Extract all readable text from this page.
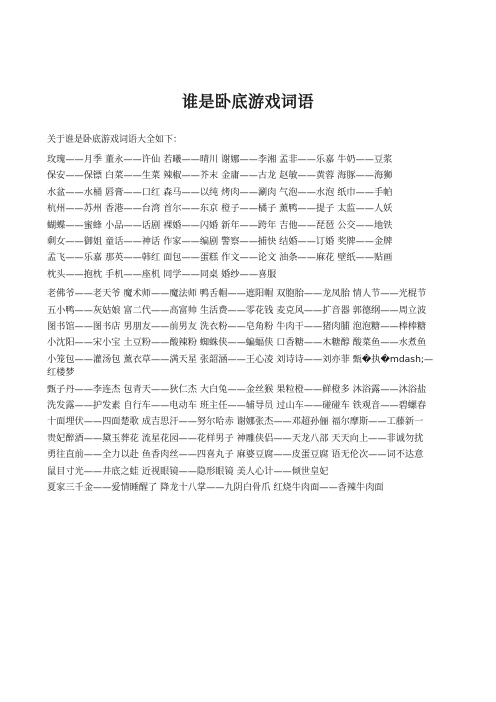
谁是卧底游戏词语

关于谁是卧底游戏词语大全如下：

玫瑰——月季 董永——许仙 若曦——晴川 谢娜——李湘 孟非——乐嘉 牛奶——豆浆

保安——保镖 白菜——生菜 辣椒——芥末 金庸——古龙 赵敏——黄蓉 海豚——海狮

水盆——水桶 唇膏——口红 森马——以纯 烤肉——涮肉 气泡——水泡 纸巾——手帕

杭州——苏州 香港——台湾 首尔——东京 橙子——橘子 薰鸭——提子 太监——人妖

蝴蝶——蜜蜂 小品——话剧 裸婚——闪婚 新年——跨年 吉他——琵琶 公交——地铁

剩女——御姐 童话——神话 作家——编剧 警察——捕快 结婚——订婚 奖牌——金牌

孟飞——乐嘉 那英——韩红 面包——蛋糕 作文——论文 油条——麻花 壁纸——贴画

枕头——抱枕 手机——座机 同学——同桌 婚纱——喜服

老佛爷——老天爷 魔术师——魔法师 鸭舌帽——遮阳帽 双胞胎——龙凤胎 情人节——光棍节

五小鸭——灰姑娘 富二代——高富帅 生活费——零花钱 麦克风——扩音器 郭德纲——周立波

图书馆——图书店 男朋友——前男友 洗衣粉——皂角粉 牛肉干——猪肉脯 泡泡糖——棒棒糖

小沈阳——宋小宝 土豆粉——酸辣粉 蜘蛛侠——蝙蝠侠 口香糖——木糖醇 酸菜鱼——水煮鱼

小笼包——灌汤包 薰衣草——满天星 张韶涵——王心凌 刘诗诗——刘亦菲 甄�执�mdash;—红楼梦

甄子丹——李连杰 包青天——狄仁杰 大白兔——金丝猴 果粒橙——鲜橙多 沐浴露——沐浴盐

洗发露——护发素 自行车——电动车 班主任——辅导员 过山车——碰碰车 铁观音——碧螺春

十面埋伏——四面楚歌 成吉思汗——努尔哈赤 谢娜张杰——邓超孙俪 福尔摩斯——工藤新一

贵妃醉酒——黛玉葬花 流星花园——花样男子 神雕侠侣——天龙八部 天天向上——非诚勿扰

勇往直前——全力以赴 鱼香肉丝——四喜丸子 麻婆豆腐——皮蛋豆腐 语无伦次——词不达意

鼠目寸光——井底之蛙 近视眼镜——隐形眼镜 美人心计——倾世皇妃

夏家三千金——爱情睡醒了 降龙十八掌——九阴白骨爪 红烧牛肉面——香辣牛肉面
